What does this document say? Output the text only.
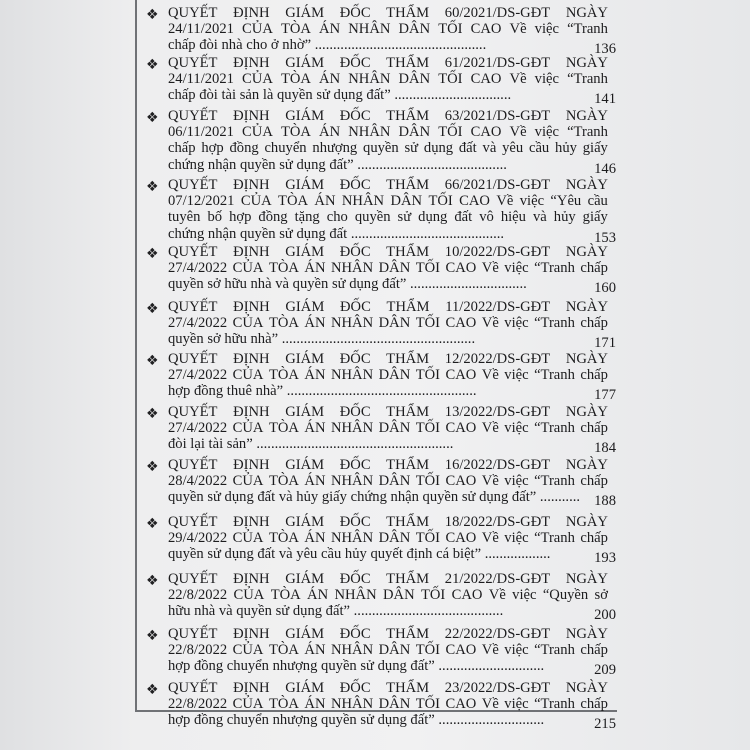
❖ QUYẾT ĐỊNH GIÁM ĐỐC THẨM 60/2021/DS-GĐT NGÀY
24/11/2021 CỦA TÒA ÁN NHÂN DÂN TỐI CAO Về việc “Tranh
chấp đòi nhà cho ở nhờ” ...............................................	136
❖ QUYẾT ĐỊNH GIÁM ĐỐC THẨM 61/2021/DS-GĐT NGÀY
24/11/2021 CỦA TÒA ÁN NHÂN DÂN TỐI CAO Về việc “Tranh
chấp đòi tài sản là quyền sử dụng đất” ................................	141
❖ QUYẾT ĐỊNH GIÁM ĐỐC THẨM 63/2021/DS-GĐT NGÀY
06/11/2021 CỦA TÒA ÁN NHÂN DÂN TỐI CAO Về việc “Tranh
chấp hợp đồng chuyển nhượng quyền sử dụng đất và yêu cầu hủy giấy
chứng nhận quyền sử dụng đất” .........................................	146
❖ QUYẾT ĐỊNH GIÁM ĐỐC THẨM 66/2021/DS-GĐT NGÀY
07/12/2021 CỦA TÒA ÁN NHÂN DÂN TỐI CAO Về việc “Yêu cầu
tuyên bố hợp đồng tặng cho quyền sử dụng đất vô hiệu và hủy giấy
chứng nhận quyền sử dụng đất ..........................................	153
❖ QUYẾT ĐỊNH GIÁM ĐỐC THẨM 10/2022/DS-GĐT NGÀY
27/4/2022 CỦA TÒA ÁN NHÂN DÂN TỐI CAO Về việc “Tranh chấp
quyền sở hữu nhà và quyền sử dụng đất” ................................	160
❖ QUYẾT ĐỊNH GIÁM ĐỐC THẨM 11/2022/DS-GĐT NGÀY
27/4/2022 CỦA TÒA ÁN NHÂN DÂN TỐI CAO Về việc “Tranh chấp
quyền sở hữu nhà” .....................................................	171
❖ QUYẾT ĐỊNH GIÁM ĐỐC THẨM 12/2022/DS-GĐT NGÀY
27/4/2022 CỦA TÒA ÁN NHÂN DÂN TỐI CAO Về việc “Tranh chấp
hợp đồng thuê nhà” ....................................................	177
❖ QUYẾT ĐỊNH GIÁM ĐỐC THẨM 13/2022/DS-GĐT NGÀY
27/4/2022 CỦA TÒA ÁN NHÂN DÂN TỐI CAO Về việc “Tranh chấp
đòi lại tài sản” ......................................................	184
❖ QUYẾT ĐỊNH GIÁM ĐỐC THẨM 16/2022/DS-GĐT NGÀY
28/4/2022 CỦA TÒA ÁN NHÂN DÂN TỐI CAO Về việc “Tranh chấp
quyền sử dụng đất và hủy giấy chứng nhận quyền sử dụng đất” ........... 188
❖ QUYẾT ĐỊNH GIÁM ĐỐC THẨM 18/2022/DS-GĐT NGÀY
29/4/2022 CỦA TÒA ÁN NHÂN DÂN TỐI CAO Về việc “Tranh chấp
quyền sử dụng đất và yêu cầu hủy quyết định cá biệt” ..................	193
❖ QUYẾT ĐỊNH GIÁM ĐỐC THẨM 21/2022/DS-GĐT NGÀY
22/8/2022 CỦA TÒA ÁN NHÂN DÂN TỐI CAO Về việc “Quyền sở
hữu nhà và quyền sử dụng đất” .........................................	200
❖ QUYẾT ĐỊNH GIÁM ĐỐC THẨM 22/2022/DS-GĐT NGÀY
22/8/2022 CỦA TÒA ÁN NHÂN DÂN TỐI CAO Về việc “Tranh chấp
hợp đồng chuyển nhượng quyền sử dụng đất” .............................	209
❖ QUYẾT ĐỊNH GIÁM ĐỐC THẨM 23/2022/DS-GĐT NGÀY
22/8/2022 CỦA TÒA ÁN NHÂN DÂN TỐI CAO Về việc “Tranh chấp
hợp đồng chuyển nhượng quyền sử dụng đất” .............................	215
